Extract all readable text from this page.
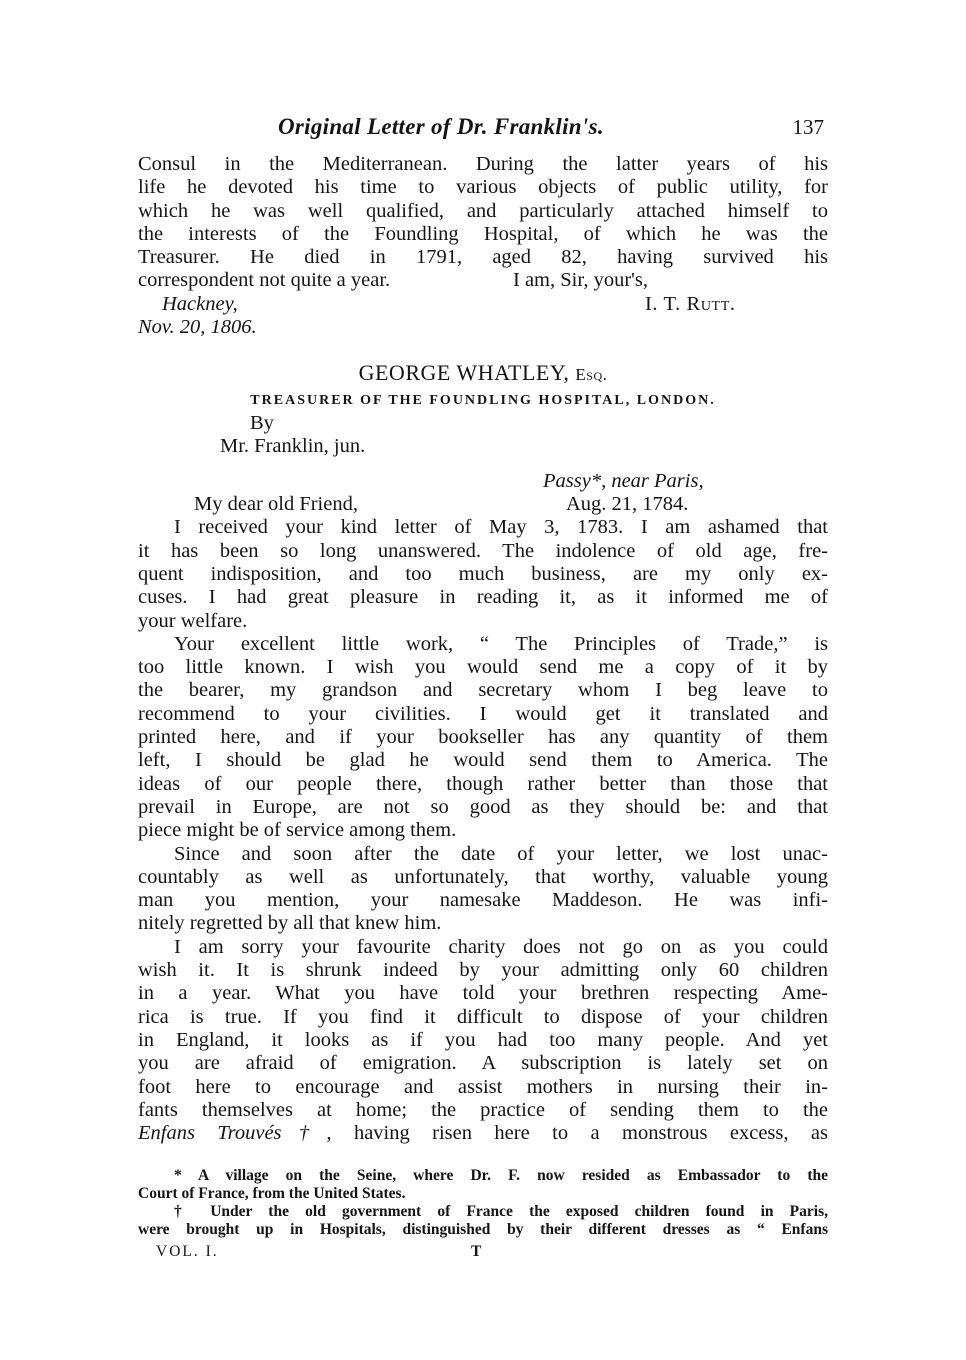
Original Letter of Dr. Franklin's.	137
Consul in the Mediterranean. During the latter years of his
life he devoted his time to various objects of public utility, for
which he was well qualified, and particularly attached himself to
the interests of the Foundling Hospital, of which he was the
Treasurer. He died in 1791, aged 82, having survived his
correspondent not quite a year.	I am, Sir, your's,
Hackney,	I. T. Rutt.
Nov. 20, 1806.
GEORGE WHATLEY, Esq.
TREASURER OF THE FOUNDLING HOSPITAL, LONDON.
By
Mr. Franklin, jun.
Passy*, near Paris,
My dear old Friend,	Aug. 21, 1784.
I received your kind letter of May 3, 1783. I am ashamed that
it has been so long unanswered. The indolence of old age, fre-
quent indisposition, and too much business, are my only ex-
cuses. I had great pleasure in reading it, as it informed me of
your welfare.
Your excellent little work, “ The Principles of Trade,” is
too little known. I wish you would send me a copy of it by
the bearer, my grandson and secretary whom I beg leave to
recommend to your civilities. I would get it translated and
printed here, and if your bookseller has any quantity of them
left, I should be glad he would send them to America. The
ideas of our people there, though rather better than those that
prevail in Europe, are not so good as they should be: and that
piece might be of service among them.
Since and soon after the date of your letter, we lost unac-
countably as well as unfortunately, that worthy, valuable young
man you mention, your namesake Maddeson. He was infi-
nitely regretted by all that knew him.
I am sorry your favourite charity does not go on as you could
wish it. It is shrunk indeed by your admitting only 60 children
in a year. What you have told your brethren respecting Ame-
rica is true. If you find it difficult to dispose of your children
in England, it looks as if you had too many people. And yet
you are afraid of emigration. A subscription is lately set on
foot here to encourage and assist mothers in nursing their in-
fants themselves at home; the practice of sending them to the
Enfans Trouvés†, having risen here to a monstrous excess, as
* A village on the Seine, where Dr. F. now resided as Embassador to the
Court of France, from the United States.
† Under the old government of France the exposed children found in Paris,
were brought up in Hospitals, distinguished by their different dresses as “ Enfans
VOL. I.	T
